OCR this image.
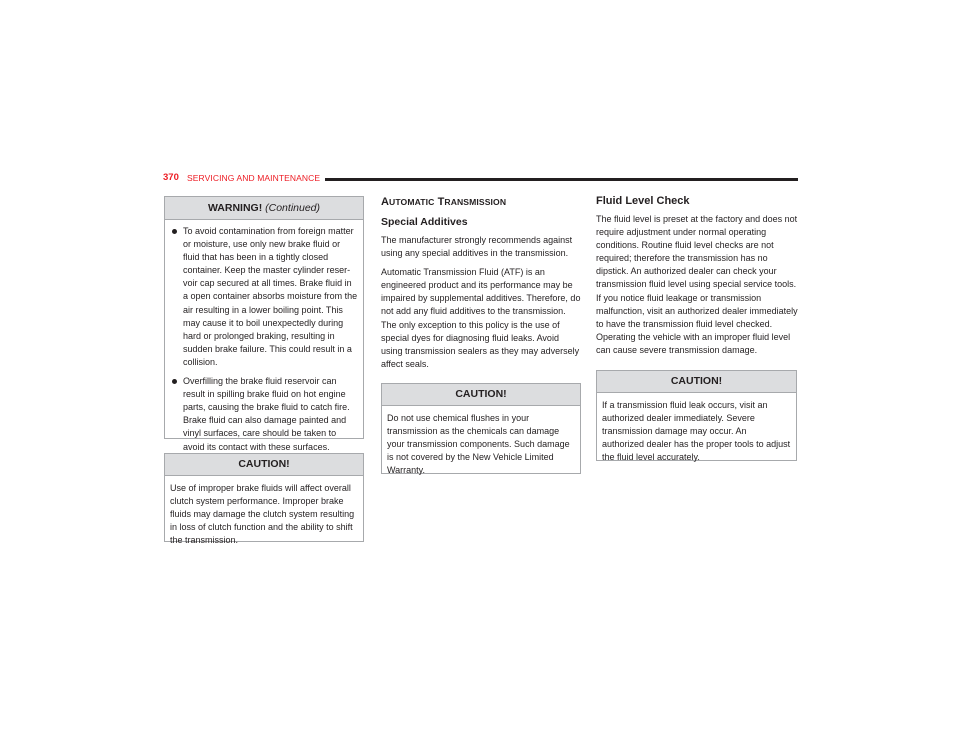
370 SERVICING AND MAINTENANCE
WARNING! (Continued)
To avoid contamination from foreign matter or moisture, use only new brake fluid or fluid that has been in a tightly closed container. Keep the master cylinder reser-voir cap secured at all times. Brake fluid in a open container absorbs moisture from the air resulting in a lower boiling point. This may cause it to boil unexpectedly during hard or prolonged braking, resulting in sudden brake failure. This could result in a collision.
Overfilling the brake fluid reservoir can result in spilling brake fluid on hot engine parts, causing the brake fluid to catch fire. Brake fluid can also damage painted and vinyl surfaces, care should be taken to avoid its contact with these surfaces.
CAUTION!
Use of improper brake fluids will affect overall clutch system performance. Improper brake fluids may damage the clutch system resulting in loss of clutch function and the ability to shift the transmission.
AUTOMATIC TRANSMISSION
Special Additives
The manufacturer strongly recommends against using any special additives in the transmission.
Automatic Transmission Fluid (ATF) is an engineered product and its performance may be impaired by supplemental additives. Therefore, do not add any fluid additives to the transmission. The only exception to this policy is the use of special dyes for diagnosing fluid leaks. Avoid using transmission sealers as they may adversely affect seals.
CAUTION!
Do not use chemical flushes in your transmission as the chemicals can damage your transmission components. Such damage is not covered by the New Vehicle Limited Warranty.
Fluid Level Check
The fluid level is preset at the factory and does not require adjustment under normal operating conditions. Routine fluid level checks are not required; therefore the transmission has no dipstick. An authorized dealer can check your transmission fluid level using special service tools. If you notice fluid leakage or transmission malfunction, visit an authorized dealer immediately to have the transmission fluid level checked. Operating the vehicle with an improper fluid level can cause severe transmission damage.
CAUTION!
If a transmission fluid leak occurs, visit an authorized dealer immediately. Severe transmission damage may occur. An authorized dealer has the proper tools to adjust the fluid level accurately.
